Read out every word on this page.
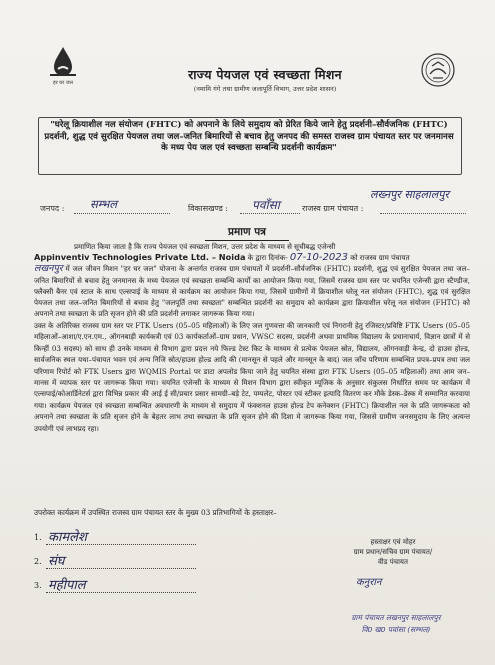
हर घर जल
राज्य पेयजल एवं स्वच्छता मिशन
(नमामि गंगे तथा ग्रामीण जलापूर्ति विभाग, उत्तर प्रदेश शासन)
"घरेलू क्रियाशील नल संयोजन (FHTC) को अपनाने के लिये समुदाय को प्रेरित किये जाने हेतु प्रदर्शनी–सौर्वजनिक (FHTC) प्रदर्शनी, शुद्ध एवं सुरक्षित पेयजल तथा जल–जनित बिमारियों से बचाव हेतु जनपद की समस्त राजस्व ग्राम पंचायत स्तर पर जनमानस के मध्य पेय जल एवं स्वच्छता सम्बन्धि प्रदर्शनी कार्यक्रम"
जनपद : सम्भल	विकासखण्ड : पवाँसा	राजस्व ग्राम पंचायत :
लख्नपुर साहलालपुर
प्रमाण पत्र
प्रमाणित किया जाता है कि राज्य पेयजल एवं स्वच्छता मिशन, उत्तर प्रदेश के माध्यम से सूचीबद्ध एजेन्सी
Appinventiv Technologies Private Ltd. – Noida के द्वारा दिनांक- 07-10-2023 को राजस्व ग्राम पंचायत
लखनपुर में जल जीवन मिशन "हर घर जल" योजना के अन्तर्गत राजस्व ग्राम पंचायतों में प्रदर्शनी–सौर्वजनिक (FHTC) प्रदर्शनी, शुद्ध एवं सुरक्षित पेयजल तथा जल–जनित बिमारियों से बचाव हेतु जनमानस के मध्य पेयजल एवं स्वच्छता सम्बन्धि कार्यों का आयोजन किया गया, जिसमें राजस्व ग्राम स्तर पर चयनित एजेन्सी द्वारा स्टैण्डीज, फ्लैक्सी बैनर एवं स्टाल के साथ एल्सपाई के माध्यम से कार्यक्रम का आयोजन किया गया, जिसमें ग्रामीणों में क्रियाशील घरेलू नल संयोजन (FHTC), शुद्ध एवं सुरक्षित पेयजल तथा जल–जनित बिमारियों से बचाव हेतु "जलपूर्ति तथा स्वच्छता" सम्बन्धित प्रदर्शनी का समुदाय को कार्यक्रम द्वारा क्रियाशील घरेलू नल संयोजन (FHTC) को अपनाने तथा स्वच्छता के प्रति सृजन होने की प्रति प्रदर्शनी लगाकर जागरूक किया गया।
उक्त के अतिरिक्त राजस्व ग्राम स्तर पर FTK Users (05–05 महिलाओं) के लिए जल गुणवत्ता की जानकारी एवं निगरानी हेतु रजिस्टर/प्रविष्टि FTK Users (05–05 महिलाओं–आशा/ए.एन.एम., ऑगनबाड़ी कार्यकत्री एवं 03 कार्यकर्ताओं–ग्राम प्रधान, VWSC सदस्य, प्रदर्शनी अथवा प्राथमिक विद्यालय के प्रधानाचार्य, विज्ञान छात्रों में से किन्हीं 03 सदस्य) को साथ ही उनके माध्यम से विभाग द्वारा प्रदत्त नये फिल्ड टेस्ट किट के माध्यम से प्रत्येक पेयजल स्रोत, विद्यालय, ऑगनवाड़ी केन्द्र, दो हाउस होल्ड, सार्वजनिक स्थल यथा–पंचायत भवन एवं अन्य निजि स्रोत/हाउस होल्ड आदि की (मानसून से पहले और मानसून के बाद) जल जाँच परिणाम सम्बन्धित प्रपत्र–प्रपत्र तथा जल परिणाम रिपोर्ट को FTK Users द्वारा WQMIS Portal पर डाटा अपलोड किया जाने हेतु चयनित संस्था द्वारा FTK Users (05–05 महिलाओं) तथा आम जन–मानस में व्यापक स्तर पर जागरूक किया गया। चयनित एजेन्सी के माध्यम से मिशन विभाग द्वारा स्वीकृत म्यूजिक के अनुसार संकुलस निर्धारित समय पर कार्यक्रम में एल्सपाई/कोआर्डिनेटर्स द्वारा विभिन्न प्रकार की आई ई सी/प्रचार प्रसार सामग्री–बड़े टेट, पम्पलेट, पोस्टर एवं स्टीकर इत्यादि वितरण कर मौके डेस्क–डेस्क में सम्मानित करवाया गया। कार्यक्रम पेयजल एवं स्वच्छता सम्बन्धित अवधारणी के माध्यम से समुदाय में फंक्शनल हाउस होल्ड टेप कनेक्शन (FHTC) क्रियाशील नल के प्रति जागरूकता को अपनाने तथा स्वच्छता के प्रति सृजन होने के बेहतर लाभ तथा स्वच्छता के प्रति सृजन होने की दिशा मे जागरूक किया गया, जिससे ग्रामीण जनसमुदाय के लिए अत्यन्त उपयोगी एवं लाभप्रद रहा।
उपरोक्त कार्यक्रम में उपस्थित राजस्व ग्राम पंचायत स्तर के मुख्य 03 प्रतिभागियों के हस्ताक्षर–
1. कामलेश
2. संघ
3. महीपाल
हस्ताक्षर एवं मोहर
ग्राम प्रधान/सचिव ग्राम पंचायत/
वीड पंचायत
कनुरान
ग्राम पंचायत लखनपुर साहलालपुर
वि0 ख0 पवांसा (सम्भल)
